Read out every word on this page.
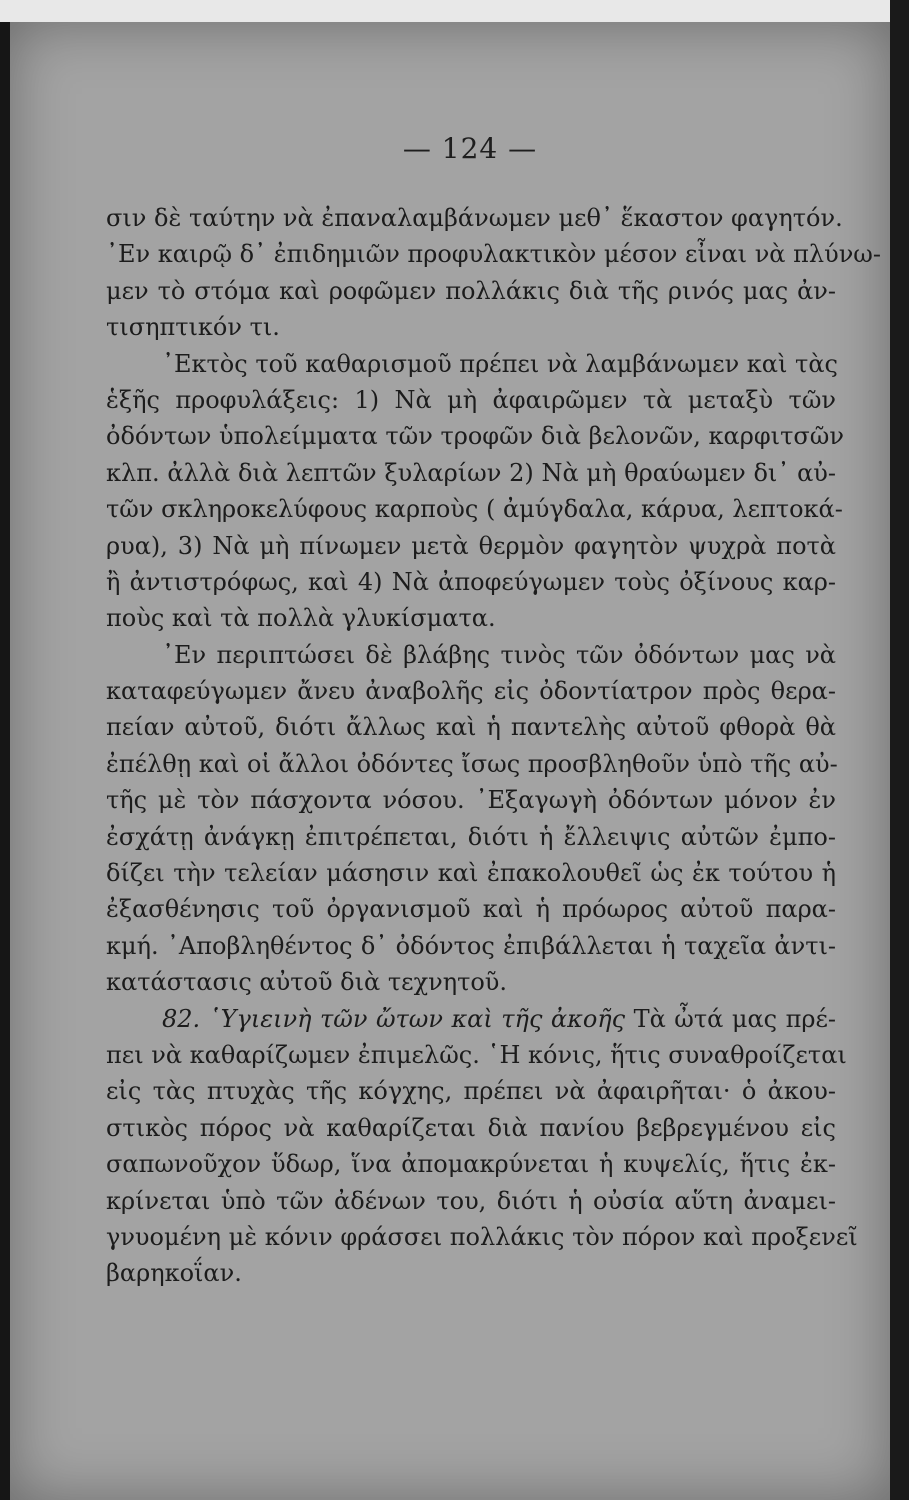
— 124 —
σιν δὲ ταύτην νὰ ἐπαναλαμβάνωμεν μεθ᾽ ἕκαστον φαγητόν.
᾽Εν καιρῷ δ᾽ ἐπιδημιῶν προφυλακτικὸν μέσον εἶναι νὰ πλύνω-
μεν τὸ στόμα καὶ ροφῶμεν πολλάκις διὰ τῆς ρινός μας ἀν-
τισηπτικόν τι.
᾽Εκτὸς τοῦ καθαρισμοῦ πρέπει νὰ λαμβάνωμεν καὶ τὰς
ἑξῆς προφυλάξεις: 1) Νὰ μὴ ἀφαιρῶμεν τὰ μεταξὺ τῶν
ὀδόντων ὑπολείμματα τῶν τροφῶν διὰ βελονῶν, καρφιτσῶν
κλπ. ἀλλὰ διὰ λεπτῶν ξυλαρίων 2) Νὰ μὴ θραύωμεν δι᾽ αὐ-
τῶν σκληροκελύφους καρποὺς ( ἀμύγδαλα, κάρυα, λεπτοκά-
ρυα), 3) Νὰ μὴ πίνωμεν μετὰ θερμὸν φαγητὸν ψυχρὰ ποτὰ
ἢ ἀντιστρόφως, καὶ 4) Νὰ ἀποφεύγωμεν τοὺς ὀξίνους καρ-
ποὺς καὶ τὰ πολλὰ γλυκίσματα.
᾽Εν περιπτώσει δὲ βλάβης τινὸς τῶν ὀδόντων μας νὰ
καταφεύγωμεν ἄνευ ἀναβολῆς εἰς ὀδοντίατρον πρὸς θερα-
πείαν αὐτοῦ, διότι ἄλλως καὶ ἡ παντελὴς αὐτοῦ φθορὰ θὰ
ἐπέλθῃ καὶ οἱ ἄλλοι ὀδόντες ἴσως προσβληθοῦν ὑπὸ τῆς αὐ-
τῆς μὲ τὸν πάσχοντα νόσου. ᾽Εξαγωγὴ ὀδόντων μόνον ἐν
ἐσχάτῃ ἀνάγκῃ ἐπιτρέπεται, διότι ἡ ἔλλειψις αὐτῶν ἐμπο-
δίζει τὴν τελείαν μάσησιν καὶ ἐπακολουθεῖ ὡς ἐκ τούτου ἡ
ἐξασθένησις τοῦ ὀργανισμοῦ καὶ ἡ πρόωρος αὐτοῦ παρα-
κμή. ᾽Αποβληθέντος δ᾽ ὀδόντος ἐπιβάλλεται ἡ ταχεῖα ἀντι-
κατάστασις αὐτοῦ διὰ τεχνητοῦ.
82. ῾Υγιεινὴ τῶν ὤτων καὶ τῆς ἀκοῆς Τὰ ὦτά μας πρέ-
πει νὰ καθαρίζωμεν ἐπιμελῶς. ῾Η κόνις, ἥτις συναθροίζεται
εἰς τὰς πτυχὰς τῆς κόγχης, πρέπει νὰ ἀφαιρῆται· ὁ ἀκου-
στικὸς πόρος νὰ καθαρίζεται διὰ πανίου βεβρεγμένου εἰς
σαπωνοῦχον ὕδωρ, ἵνα ἀπομακρύνεται ἡ κυψελίς, ἥτις ἐκ-
κρίνεται ὑπὸ τῶν ἀδένων του, διότι ἡ οὐσία αὕτη ἀναμει-
γνυομένη μὲ κόνιν φράσσει πολλάκις τὸν πόρον καὶ προξενεῖ
βαρηκοΐαν.
